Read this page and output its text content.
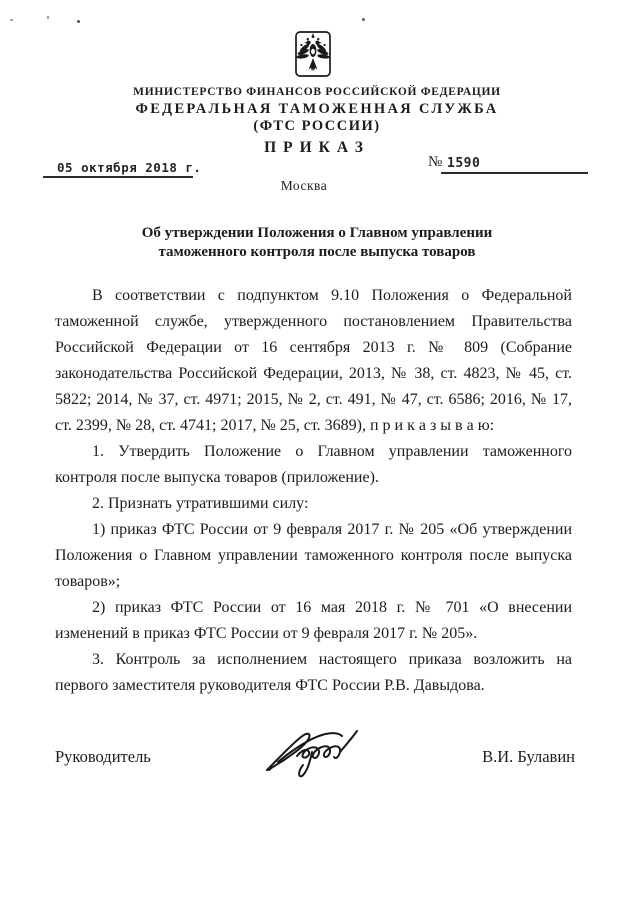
МИНИСТЕРСТВО ФИНАНСОВ РОССИЙСКОЙ ФЕДЕРАЦИИ
ФЕДЕРАЛЬНАЯ ТАМОЖЕННАЯ СЛУЖБА
(ФТС РОССИИ)
ПРИКАЗ
05 октября 2018 г.	№ 1590
Москва
Об утверждении Положения о Главном управлении
таможенного контроля после выпуска товаров

В соответствии с подпунктом 9.10 Положения о Федеральной таможенной службе, утвержденного постановлением Правительства Российской Федерации от 16 сентября 2013 г. № 809 (Собрание законодательства Российской Федерации, 2013, № 38, ст. 4823, № 45, ст. 5822; 2014, № 37, ст. 4971; 2015, № 2, ст. 491, № 47, ст. 6586; 2016, № 17, ст. 2399, № 28, ст. 4741; 2017, № 25, ст. 3689), п р и к а з ы в а ю:

1. Утвердить Положение о Главном управлении таможенного контроля после выпуска товаров (приложение).

2. Признать утратившими силу:

1) приказ ФТС России от 9 февраля 2017 г. № 205 «Об утверждении Положения о Главном управлении таможенного контроля после выпуска товаров»;

2) приказ ФТС России от 16 мая 2018 г. № 701 «О внесении изменений в приказ ФТС России от 9 февраля 2017 г. № 205».

3. Контроль за исполнением настоящего приказа возложить на первого заместителя руководителя ФТС России Р.В. Давыдова.

Руководитель	В.И. Булавин
